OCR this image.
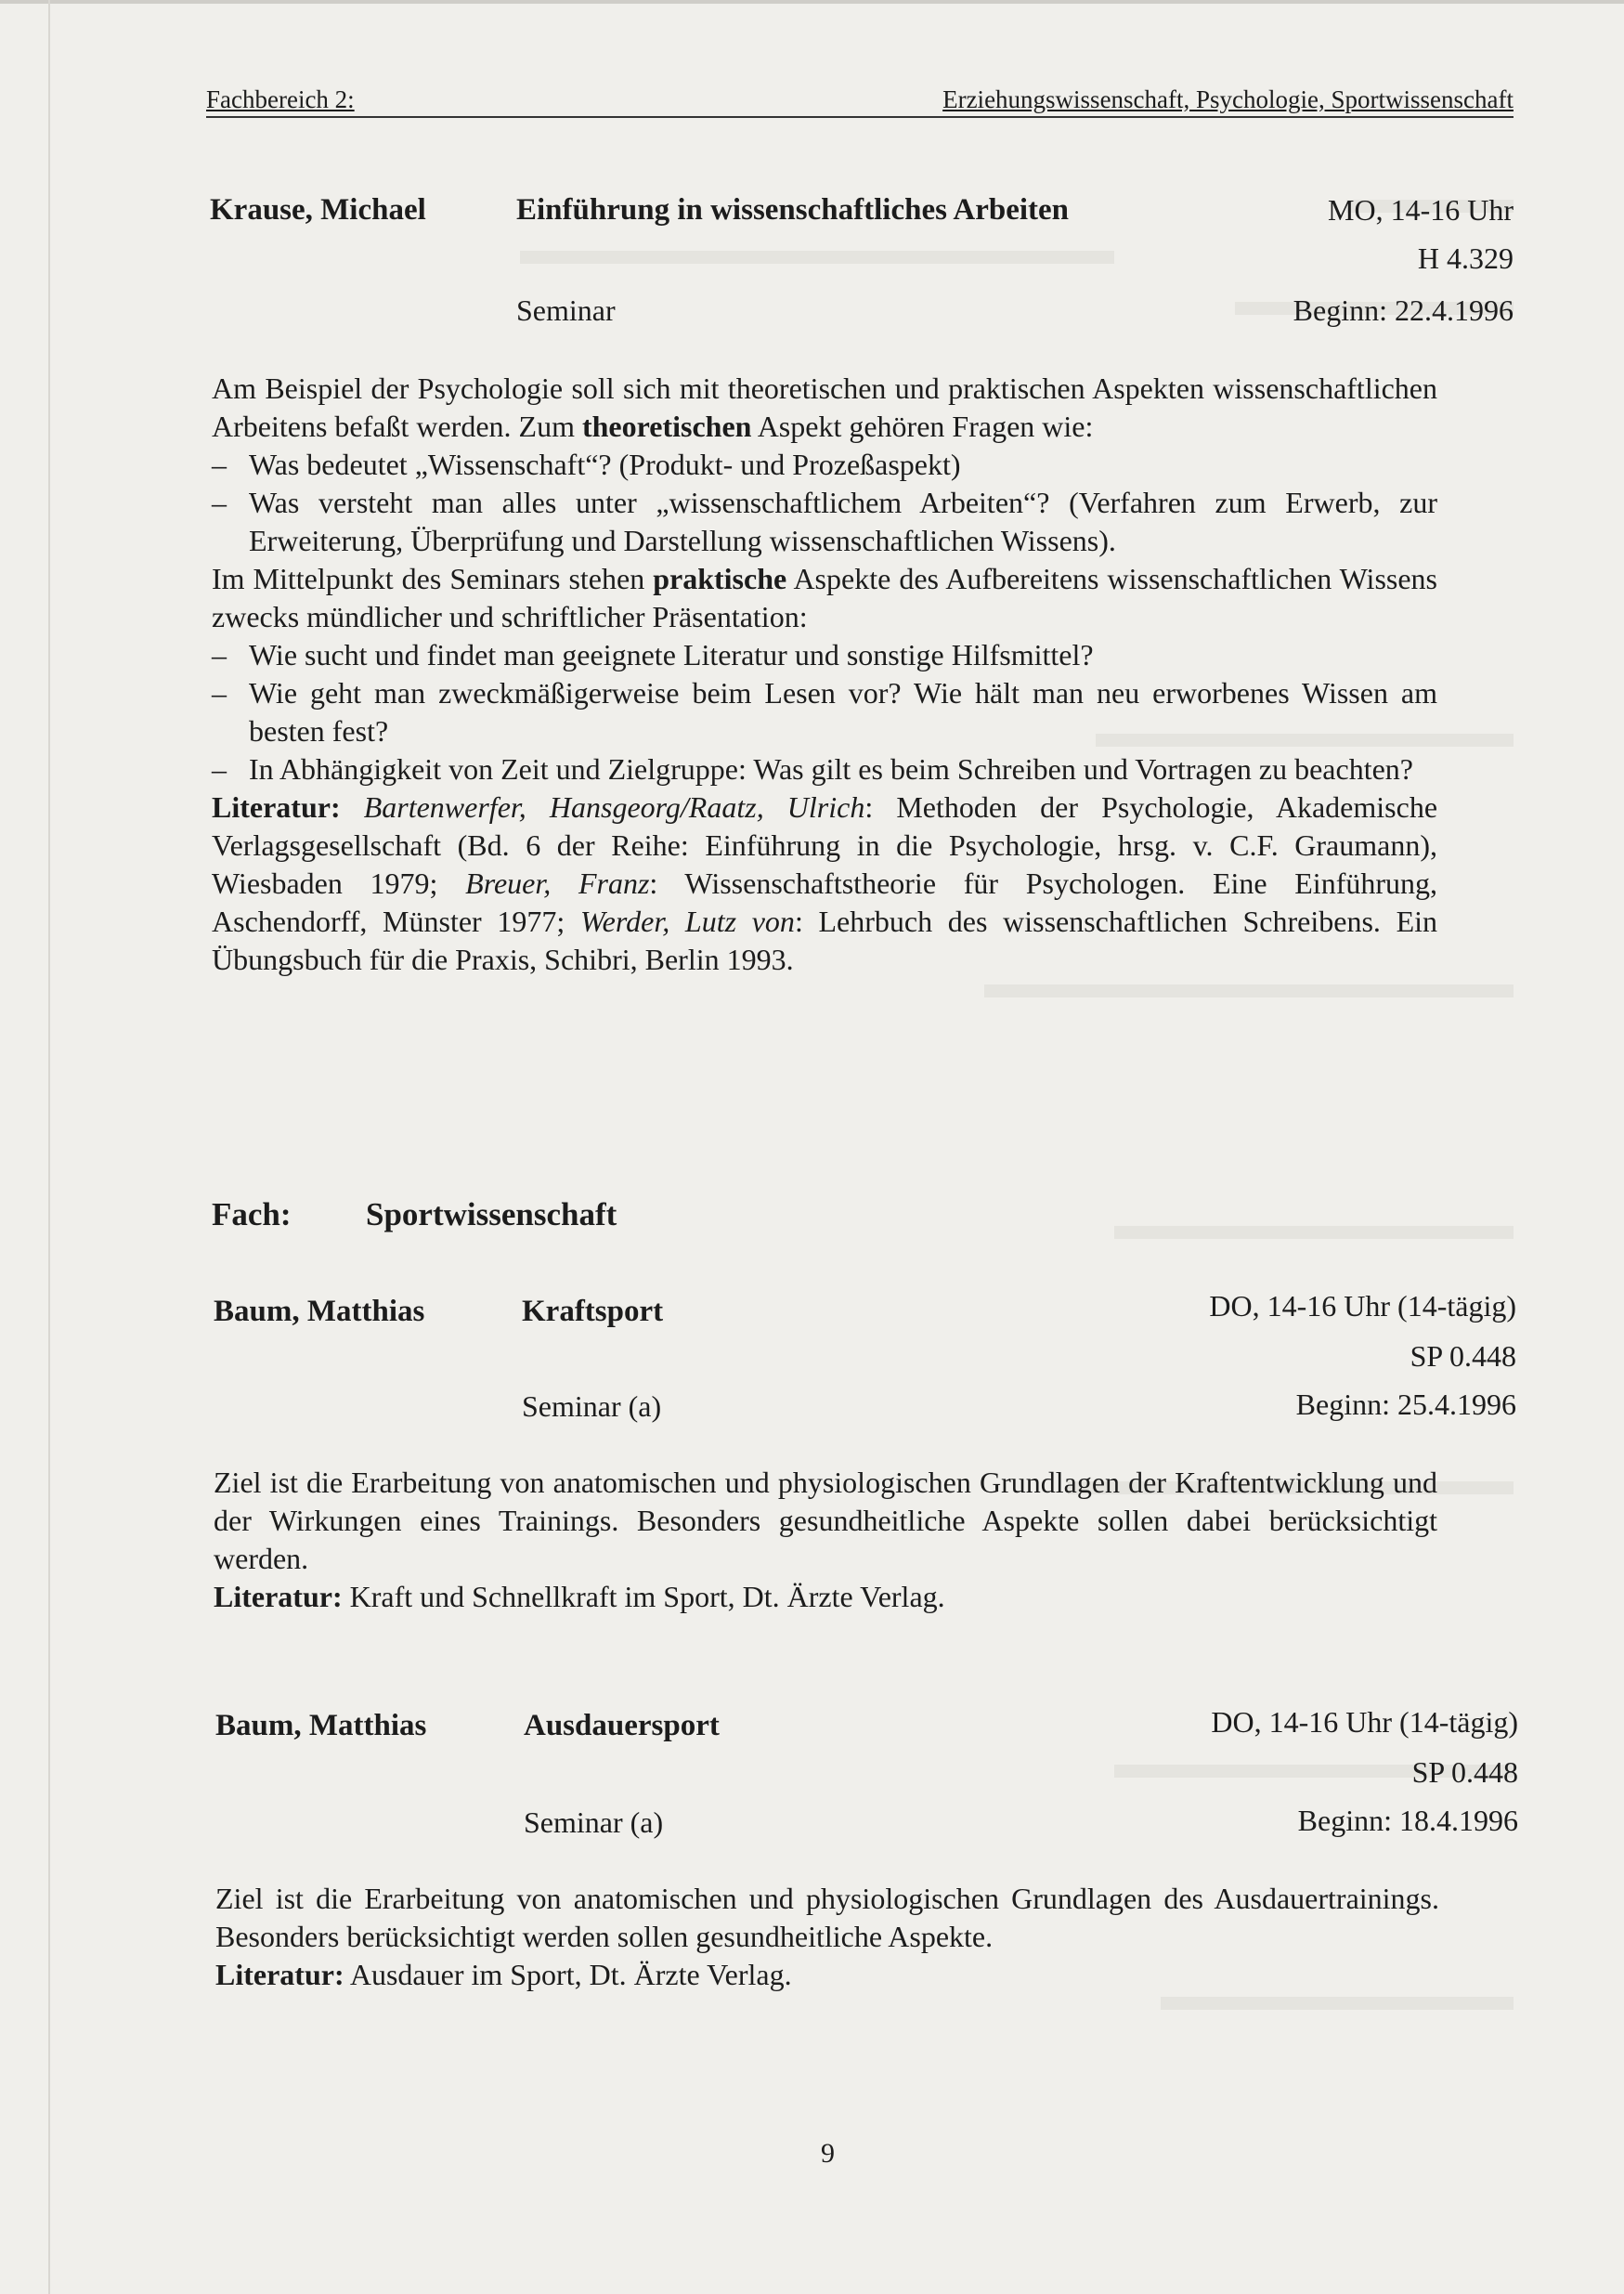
Fachbereich 2:	Erziehungswissenschaft, Psychologie, Sportwissenschaft
Krause, Michael	Einführung in wissenschaftliches Arbeiten	MO, 14-16 Uhr
H 4.329
Seminar	Beginn: 22.4.1996

Am Beispiel der Psychologie soll sich mit theoretischen und praktischen Aspekten wissenschaftlichen Arbeitens befaßt werden. Zum theoretischen Aspekt gehören Fragen wie:

– Was bedeutet „Wissenschaft“? (Produkt- und Prozeßaspekt)
– Was versteht man alles unter „wissenschaftlichem Arbeiten“? (Verfahren zum Erwerb, zur Erweiterung, Überprüfung und Darstellung wissenschaftlichen Wissens).

Im Mittelpunkt des Seminars stehen praktische Aspekte des Aufbereitens wissenschaftlichen Wissens zwecks mündlicher und schriftlicher Präsentation:

– Wie sucht und findet man geeignete Literatur und sonstige Hilfsmittel?
– Wie geht man zweckmäßigerweise beim Lesen vor? Wie hält man neu erworbenes Wissen am besten fest?
– In Abhängigkeit von Zeit und Zielgruppe: Was gilt es beim Schreiben und Vortragen zu beachten?

Literatur: Bartenwerfer, Hansgeorg/Raatz, Ulrich: Methoden der Psychologie, Akademische Verlagsgesellschaft (Bd. 6 der Reihe: Einführung in die Psychologie, hrsg. v. C.F. Graumann), Wiesbaden 1979; Breuer, Franz: Wissenschaftstheorie für Psychologen. Eine Einführung, Aschendorff, Münster 1977; Werder, Lutz von: Lehrbuch des wissenschaftlichen Schreibens. Ein Übungsbuch für die Praxis, Schibri, Berlin 1993.

Fach: Sportwissenschaft
Baum, Matthias	Kraftsport	DO, 14-16 Uhr (14-tägig)
SP 0.448
Seminar (a)	Beginn: 25.4.1996

Ziel ist die Erarbeitung von anatomischen und physiologischen Grundlagen der Kraftentwicklung und der Wirkungen eines Trainings. Besonders gesundheitliche Aspekte sollen dabei berücksichtigt werden.

Literatur: Kraft und Schnellkraft im Sport, Dt. Ärzte Verlag.

Baum, Matthias	Ausdauersport	DO, 14-16 Uhr (14-tägig)
SP 0.448
Seminar (a)	Beginn: 18.4.1996

Ziel ist die Erarbeitung von anatomischen und physiologischen Grundlagen des Ausdauertrainings. Besonders berücksichtigt werden sollen gesundheitliche Aspekte.

Literatur: Ausdauer im Sport, Dt. Ärzte Verlag.

9
